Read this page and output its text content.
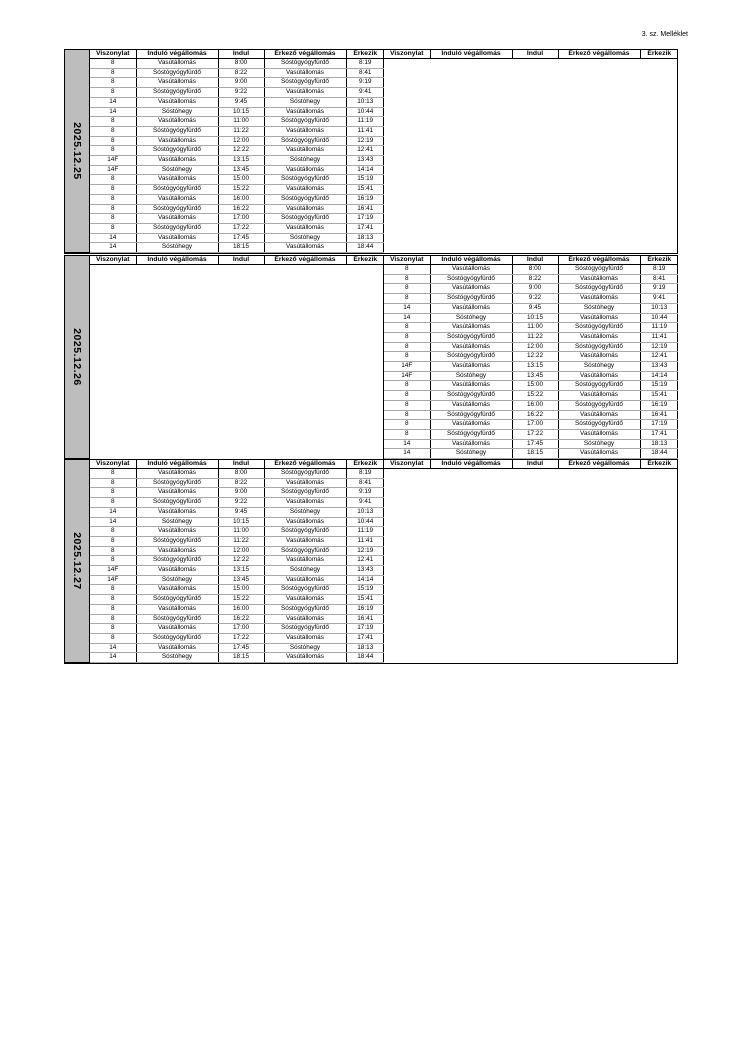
3. sz. Melléklet
2025.12.25
Viszonylat	Induló végállomás	Indul	Érkező végállomás	Érkezik
8	Vasútállomás	8:00	Sóstógyógyfürdő	8:19
8	Sóstógyógyfürdő	8:22	Vasútállomás	8:41
8	Vasútállomás	9:00	Sóstógyógyfürdő	9:19
8	Sóstógyógyfürdő	9:22	Vasútállomás	9:41
14	Vasútállomás	9:45	Sóstóhegy	10:13
14	Sóstóhegy	10:15	Vasútállomás	10:44
8	Vasútállomás	11:00	Sóstógyógyfürdő	11:19
8	Sóstógyógyfürdő	11:22	Vasútállomás	11:41
8	Vasútállomás	12:00	Sóstógyógyfürdő	12:19
8	Sóstógyógyfürdő	12:22	Vasútállomás	12:41
14F	Vasútállomás	13:15	Sóstóhegy	13:43
14F	Sóstóhegy	13:45	Vasútállomás	14:14
8	Vasútállomás	15:00	Sóstógyógyfürdő	15:19
8	Sóstógyógyfürdő	15:22	Vasútállomás	15:41
8	Vasútállomás	16:00	Sóstógyógyfürdő	16:19
8	Sóstógyógyfürdő	16:22	Vasútállomás	16:41
8	Vasútállomás	17:00	Sóstógyógyfürdő	17:19
8	Sóstógyógyfürdő	17:22	Vasútállomás	17:41
14	Vasútállomás	17:45	Sóstóhegy	18:13
14	Sóstóhegy	18:15	Vasútállomás	18:44
Viszonylat	Induló végállomás	Indul	Érkező végállomás	Érkezik
2025.12.26
Viszonylat	Induló végállomás	Indul	Érkező végállomás	Érkezik Viszonylat	Induló végállomás	Indul	Érkező végállomás	Érkezik
8	Vasútállomás	8:00	Sóstógyógyfürdő	8:19
8	Sóstógyógyfürdő	8:22	Vasútállomás	8:41
8	Vasútállomás	9:00	Sóstógyógyfürdő	9:19
8	Sóstógyógyfürdő	9:22	Vasútállomás	9:41
14	Vasútállomás	9:45	Sóstóhegy	10:13
14	Sóstóhegy	10:15	Vasútállomás	10:44
8	Vasútállomás	11:00	Sóstógyógyfürdő	11:19
8	Sóstógyógyfürdő	11:22	Vasútállomás	11:41
8	Vasútállomás	12:00	Sóstógyógyfürdő	12:19
8	Sóstógyógyfürdő	12:22	Vasútállomás	12:41
14F	Vasútállomás	13:15	Sóstóhegy	13:43
14F	Sóstóhegy	13:45	Vasútállomás	14:14
8	Vasútállomás	15:00	Sóstógyógyfürdő	15:19
8	Sóstógyógyfürdő	15:22	Vasútállomás	15:41
8	Vasútállomás	16:00	Sóstógyógyfürdő	16:19
8	Sóstógyógyfürdő	16:22	Vasútállomás	16:41
8	Vasútállomás	17:00	Sóstógyógyfürdő	17:19
8	Sóstógyógyfürdő	17:22	Vasútállomás	17:41
14	Vasútállomás	17:45	Sóstóhegy	18:13
14	Sóstóhegy	18:15	Vasútállomás	18:44
2025.12.27
Viszonylat	Induló végállomás	Indul	Érkező végállomás	Érkezik
8	Vasútállomás	8:00	Sóstógyógyfürdő	8:19
8	Sóstógyógyfürdő	8:22	Vasútállomás	8:41
8	Vasútállomás	9:00	Sóstógyógyfürdő	9:19
8	Sóstógyógyfürdő	9:22	Vasútállomás	9:41
14	Vasútállomás	9:45	Sóstóhegy	10:13
14	Sóstóhegy	10:15	Vasútállomás	10:44
8	Vasútállomás	11:00	Sóstógyógyfürdő	11:19
8	Sóstógyógyfürdő	11:22	Vasútállomás	11:41
8	Vasútállomás	12:00	Sóstógyógyfürdő	12:19
8	Sóstógyógyfürdő	12:22	Vasútállomás	12:41
14F	Vasútállomás	13:15	Sóstóhegy	13:43
14F	Sóstóhegy	13:45	Vasútállomás	14:14
8	Vasútállomás	15:00	Sóstógyógyfürdő	15:19
8	Sóstógyógyfürdő	15:22	Vasútállomás	15:41
8	Vasútállomás	16:00	Sóstógyógyfürdő	16:19
8	Sóstógyógyfürdő	16:22	Vasútállomás	16:41
8	Vasútállomás	17:00	Sóstógyógyfürdő	17:19
8	Sóstógyógyfürdő	17:22	Vasútállomás	17:41
14	Vasútállomás	17:45	Sóstóhegy	18:13
14	Sóstóhegy	18:15	Vasútállomás	18:44
Viszonylat	Induló végállomás	Indul	Érkező végállomás	Érkezik
